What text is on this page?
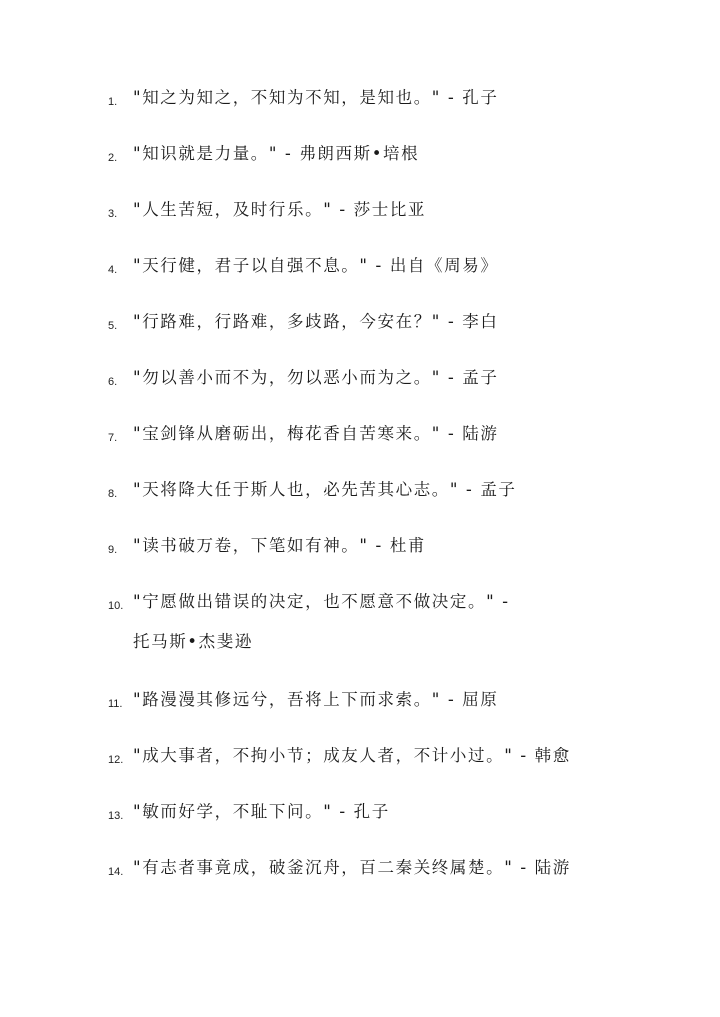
1. "知之为知之，不知为不知，是知也。" - 孔子
2. "知识就是力量。" - 弗朗西斯•培根
3. "人生苦短，及时行乐。" - 莎士比亚
4. "天行健，君子以自强不息。" - 出自《周易》
5. "行路难，行路难，多歧路，今安在？" - 李白
6. "勿以善小而不为，勿以恶小而为之。" - 孟子
7. "宝剑锋从磨砺出，梅花香自苦寒来。" - 陆游
8. "天将降大任于斯人也，必先苦其心志。" - 孟子
9. "读书破万卷，下笔如有神。" - 杜甫
10. "宁愿做出错误的决定，也不愿意不做决定。" -
托马斯•杰斐逊
11. "路漫漫其修远兮，吾将上下而求索。" - 屈原
12. "成大事者，不拘小节；成友人者，不计小过。" - 韩愈
13. "敏而好学，不耻下问。" - 孔子
14. "有志者事竟成，破釜沉舟，百二秦关终属楚。" - 陆游
